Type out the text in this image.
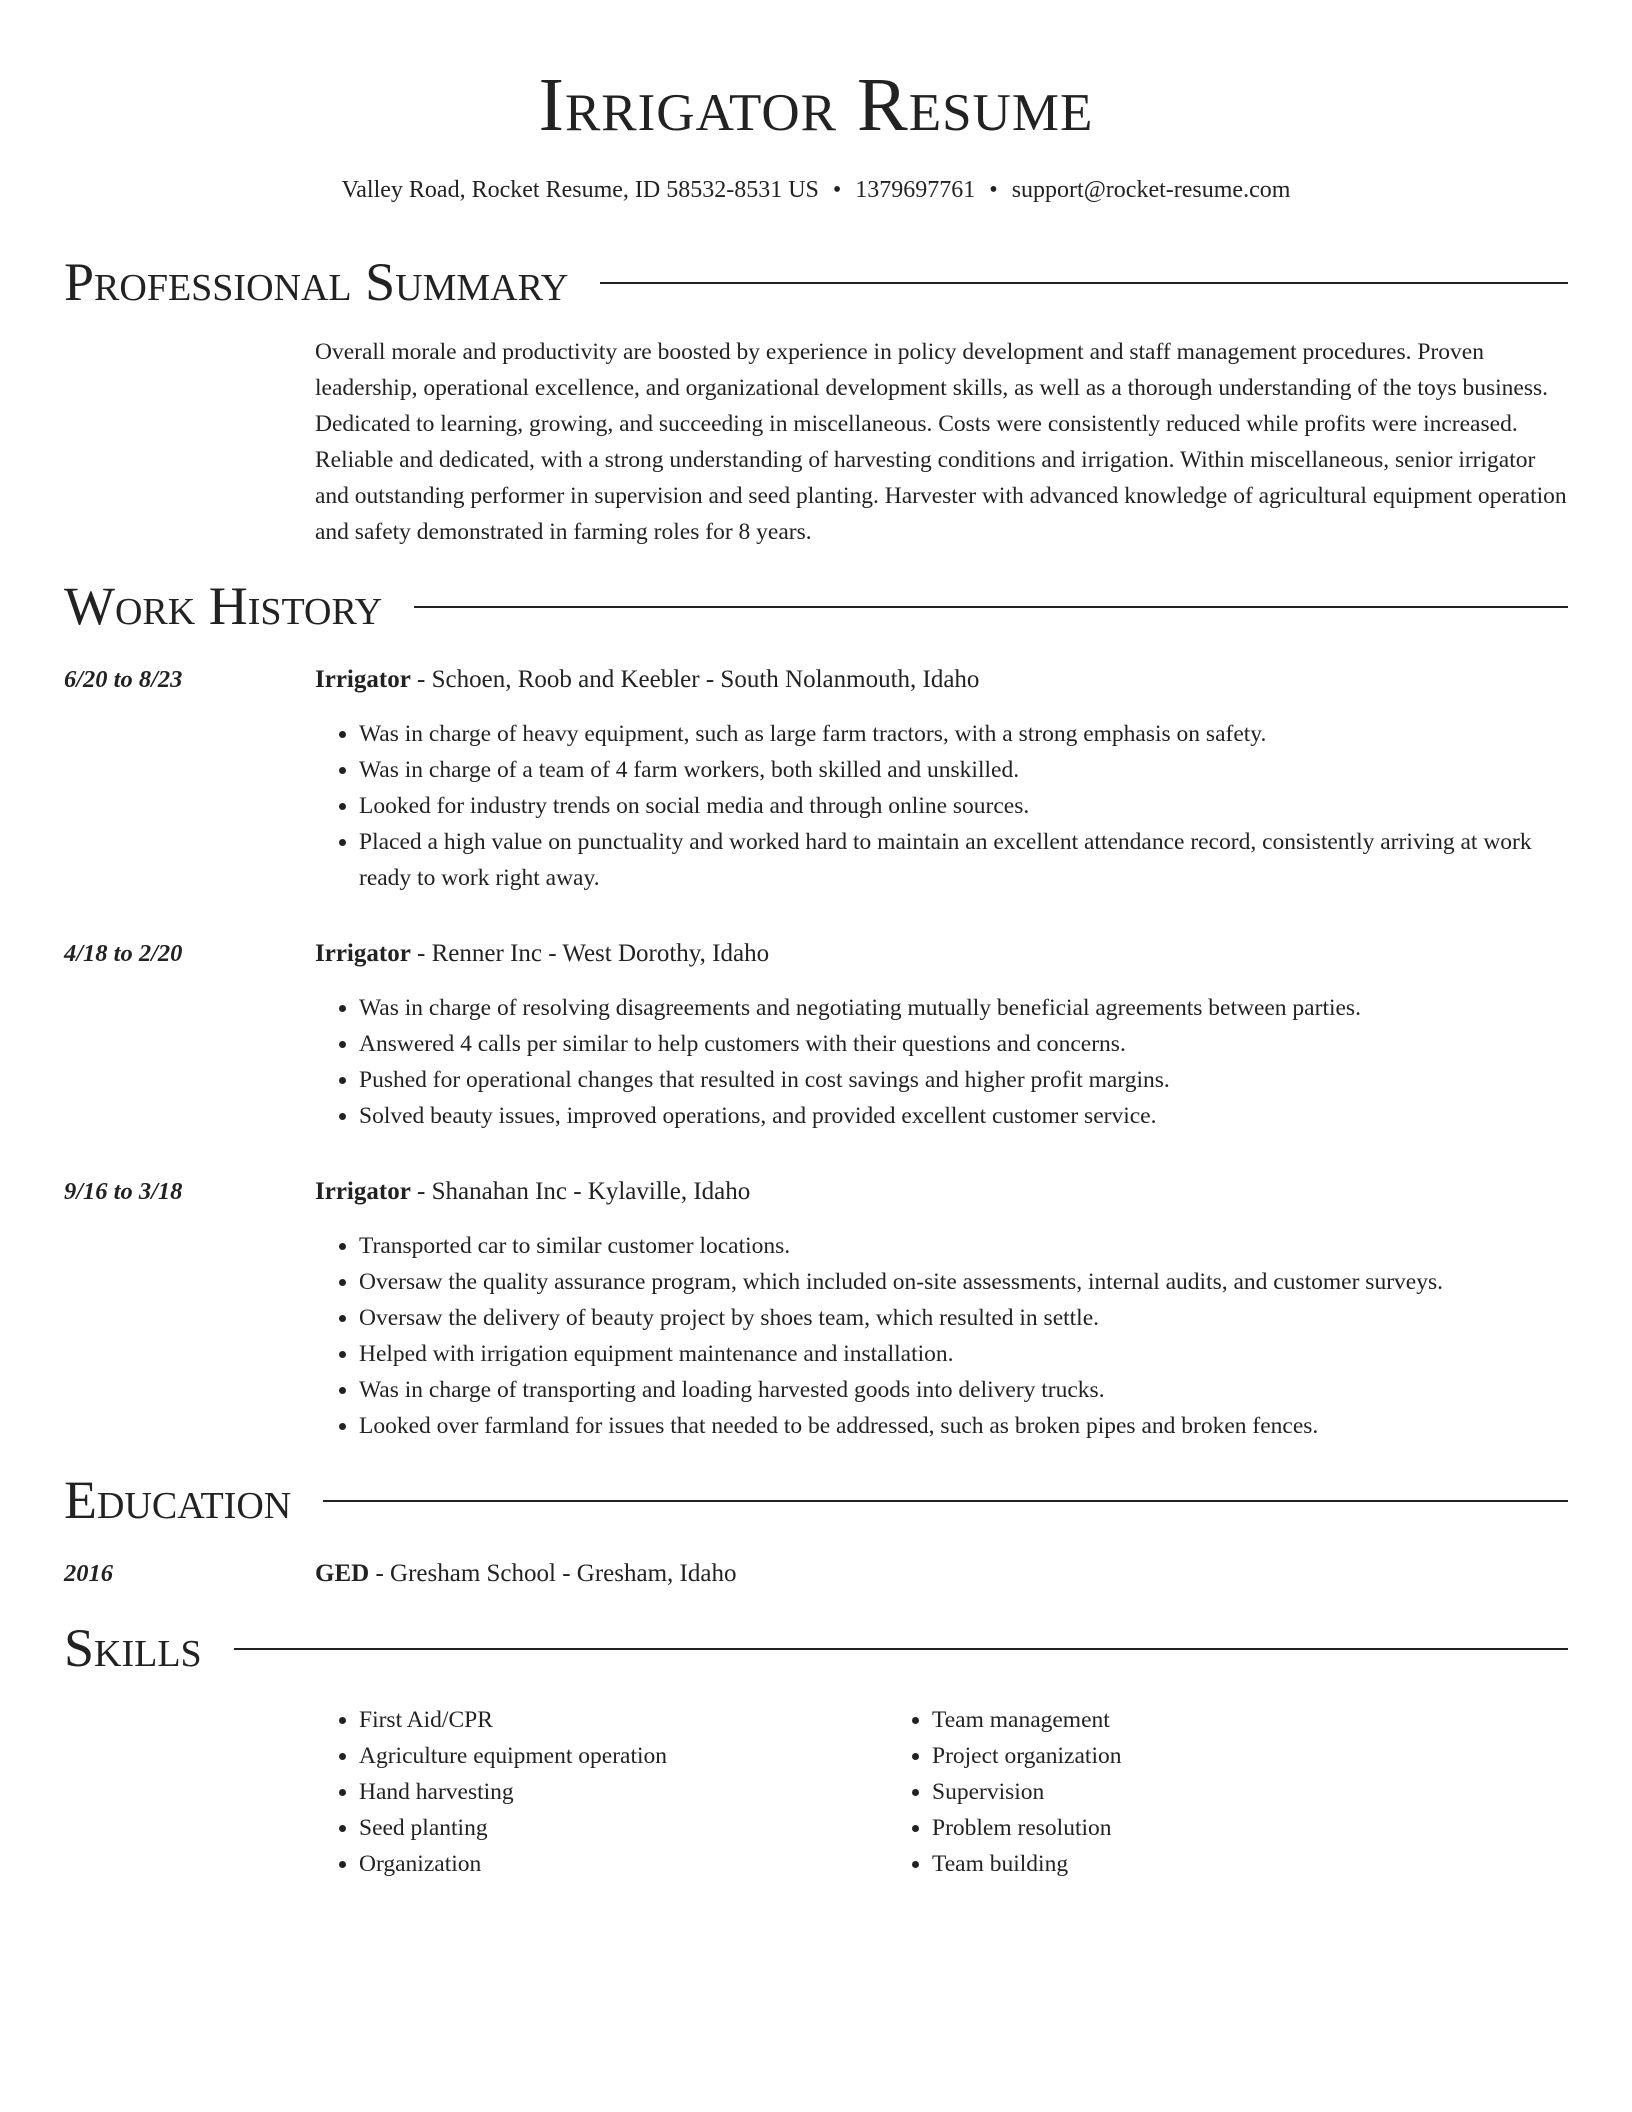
Irrigator Resume
Valley Road, Rocket Resume, ID 58532-8531 US • 1379697761 • support@rocket-resume.com
Professional Summary
Overall morale and productivity are boosted by experience in policy development and staff management procedures. Proven leadership, operational excellence, and organizational development skills, as well as a thorough understanding of the toys business. Dedicated to learning, growing, and succeeding in miscellaneous. Costs were consistently reduced while profits were increased. Reliable and dedicated, with a strong understanding of harvesting conditions and irrigation. Within miscellaneous, senior irrigator and outstanding performer in supervision and seed planting. Harvester with advanced knowledge of agricultural equipment operation and safety demonstrated in farming roles for 8 years.
Work History
6/20 to 8/23	Irrigator - Schoen, Roob and Keebler - South Nolanmouth, Idaho
• Was in charge of heavy equipment, such as large farm tractors, with a strong emphasis on safety.
• Was in charge of a team of 4 farm workers, both skilled and unskilled.
• Looked for industry trends on social media and through online sources.
• Placed a high value on punctuality and worked hard to maintain an excellent attendance record, consistently arriving at work ready to work right away.
4/18 to 2/20	Irrigator - Renner Inc - West Dorothy, Idaho
• Was in charge of resolving disagreements and negotiating mutually beneficial agreements between parties.
• Answered 4 calls per similar to help customers with their questions and concerns.
• Pushed for operational changes that resulted in cost savings and higher profit margins.
• Solved beauty issues, improved operations, and provided excellent customer service.
9/16 to 3/18	Irrigator - Shanahan Inc - Kylaville, Idaho
• Transported car to similar customer locations.
• Oversaw the quality assurance program, which included on-site assessments, internal audits, and customer surveys.
• Oversaw the delivery of beauty project by shoes team, which resulted in settle.
• Helped with irrigation equipment maintenance and installation.
• Was in charge of transporting and loading harvested goods into delivery trucks.
• Looked over farmland for issues that needed to be addressed, such as broken pipes and broken fences.
Education
2016	GED - Gresham School - Gresham, Idaho
Skills
• First Aid/CPR
• Agriculture equipment operation
• Hand harvesting
• Seed planting
• Organization
• Team management
• Project organization
• Supervision
• Problem resolution
• Team building
